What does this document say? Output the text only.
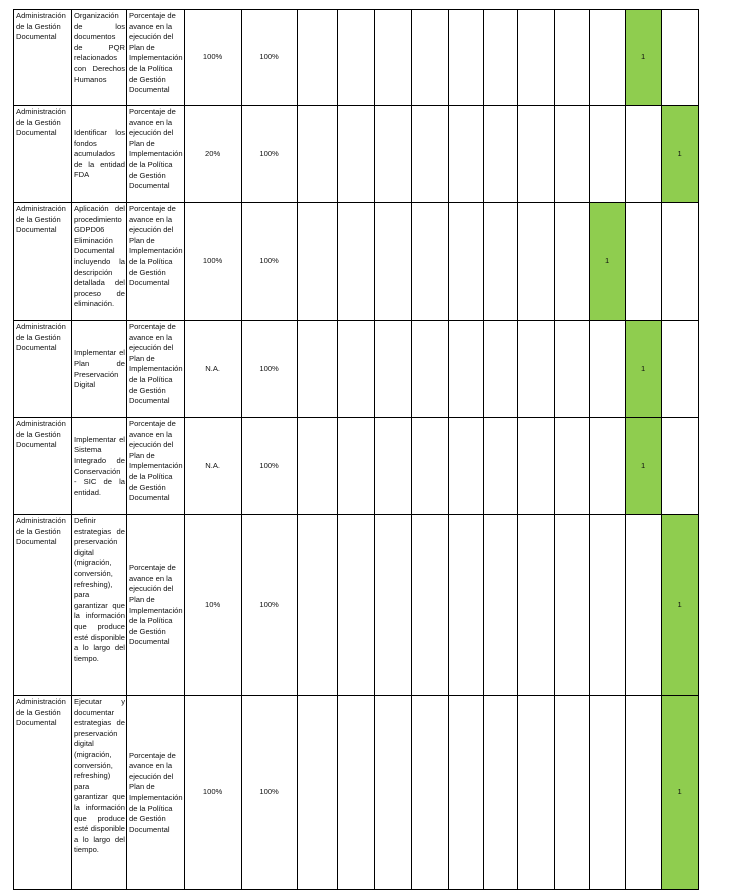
Administración de la Gestión Documental	Organización de los documentos de PQR relacionados con Derechos Humanos	Porcentaje de avance en la ejecución del Plan de Implementación de la Política de Gestión Documental	100%	100%										1	
Administración de la Gestión Documental	Identificar los fondos acumulados de la entidad FDA	Porcentaje de avance en la ejecución del Plan de Implementación de la Política de Gestión Documental	20%	100%											1
Administración de la Gestión Documental	Aplicación del procedimiento GDPD06 Eliminación Documental incluyendo la descripción detallada del proceso de eliminación.	Porcentaje de avance en la ejecución del Plan de Implementación de la Política de Gestión Documental	100%	100%									1		
Administración de la Gestión Documental	Implementar el Plan de Preservación Digital	Porcentaje de avance en la ejecución del Plan de Implementación de la Política de Gestión Documental	N.A.	100%										1	
Administración de la Gestión Documental	Implementar el Sistema Integrado de Conservación - SIC de la entidad.	Porcentaje de avance en la ejecución del Plan de Implementación de la Política de Gestión Documental	N.A.	100%										1	
Administración de la Gestión Documental	Definir estrategias de preservación digital (migración, conversión, refreshing), para garantizar que la información que produce esté disponible a lo largo del tiempo.	Porcentaje de avance en la ejecución del Plan de Implementación de la Política de Gestión Documental	10%	100%											1
Administración de la Gestión Documental	Ejecutar y documentar estrategias de preservación digital (migración, conversión, refreshing) para garantizar que la información que produce esté disponible a lo largo del tiempo.	Porcentaje de avance en la ejecución del Plan de Implementación de la Política de Gestión Documental	100%	100%											1
